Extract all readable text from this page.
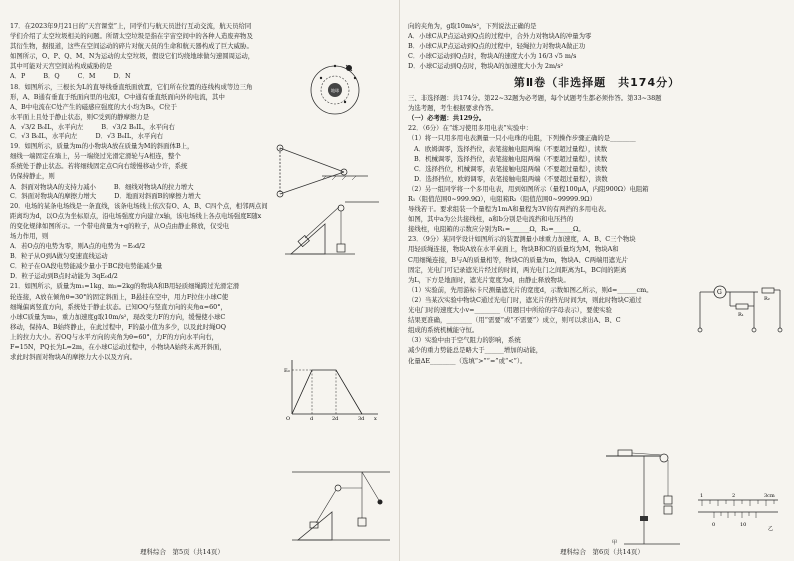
17．在2023年9月21日的“天宫课堂”上，同学们与航天员进行互动交流，航天员给同
学们介绍了太空垃圾相关的问题。所谓太空垃圾是指在宇宙空间中的各种人造废弃物及
其衍生物，据报道，这些在空间运动的碎片对航天员的生命和航天器构成了巨大威胁。
如图所示，O、P、Q、M、N为运动的太空垃圾，假设它们均绕地球做匀速圆周运动，
其中可能对天宫空间站构成威胁的是
A．P	B．Q	C．M	D．N
18．如图所示，三根长为L的直导线垂直纸面放置，它们所在位置的连线构成等边三角
形，A、B通有垂直于纸面向里的电流I，C中通有垂直纸面向外的电流，其中
A、B中电流在C处产生的磁感应强度的大小均为B₀，C位于
水平面上且处于静止状态，则C受到的静摩擦力是
A．√3/2 B₀IL，水平向左	B．√3/2 B₀IL，水平向右
C．√3 B₀IL，水平向左	D．√3 B₀IL，水平向右
19．如图所示，质量为m的小物块A放在质量为M的斜面体B上，
细线一端固定在墙上，另一端绕过光滑定滑轮与A相连，整个
系统处于静止状态。若将细线固定点C向右缓慢移动少许，系统
仍保持静止，则
A．斜面对物块A的支持力减小	B．细线对物块A的拉力增大
C．斜面对物块A的摩擦力增大	D．地面对斜面B的摩擦力增大
20．电场的某条电场线是一条直线，该条电场线上依次有O、A、B、C四个点，相邻两点间
距离均为d，以O点为坐标原点，沿电场强度方向建立x轴，该电场线上各点电场强度E随x
的变化规律如图所示。一个带电荷量为+q的粒子，从O点由静止释放，仅受电
场力作用，则
A．若O点的电势为零，则A点的电势为 −E₀d/2
B．粒子从O到A做匀变速直线运动
C．粒子在OA段电势能减少量小于BC段电势能减少量
D．粒子运动到B点时动能为 3qE₀d/2
21．如图所示，质量为m₁=1kg、m₂=2kg的物块A和B用轻质细绳跨过光滑定滑
轮连接，A放在倾角θ=30°的固定斜面上，B悬挂在空中，用力F拉住小球C使
细绳偏离竖直方向，系统处于静止状态。已知OQ与竖直方向的夹角α=60°，
小球C质量为m₃，重力加速度g取10m/s²，现改变力F的方向，缓慢使小球C
移动，保持A、B始终静止，在此过程中，F的最小值为多少，以及此时绳OQ
上的拉力大小。若OQ与水平方向的夹角为θ=60°，力F的方向水平向右，
F=15N，PQ长为L=2m，在小球C运动过程中，小物块A始终未离开斜面，
求此时斜面对物块A的摩擦力大小以及方向。
地球
E₀
O	d	2d	3d x
理科综合　第5页（共14页）
向的夹角为，g取10m/s²，下列说法正确的是
A．小球C从P点运动到Q点的过程中，合外力对物块A的冲量为零
B．小球C从P点运动到Q点的过程中，轻绳拉力对物块A做正功
C．小球C运动到Q点时，物块A的速度大小为 16/3 √5 m/s
D．小球C运动到Q点时，物块A的加速度大小为 2m/s²
第Ⅱ卷（非选择题　共174分）
三、非选择题：共174分。第22~32题为必考题，每个试题考生都必须作答。第33~38题
为选考题，考生根据要求作答。
（一）必考题：共129分。
22．（6分）在“练习使用多用电表”实验中：
（1）将一只用多用电表测量一只小电珠的电阻，下列操作步骤正确的是________
A．欧姆调零，选择挡位，表笔接触电阻两端（不要超过量程），读数
B．机械调零，选择挡位，表笔接触电阻两端（不要超过量程），读数
C．选择挡位，机械调零，表笔接触电阻两端（不要超过量程），读数
D．选择挡位，欧姆调零，表笔接触电阻两端（不要超过量程），读数
（2）另一组同学将一个多用电表，用到如图所示（量程100μA，内阻900Ω）电阻箱
R₁（阻值范围0~999.9Ω），电阻箱R₂（阻值范围0~99999.9Ω）
导线若干。要求组装一个量程为1mA和量程为3V的有两挡的多用电表。
如图，其中a为公共接线柱，a和b分别是电流挡和电压挡的
接线柱，电阻箱的示数应分别为R₁=______Ω，R₂=______Ω。
23．（9分）某同学设计如图所示的装置测量小球重力加速度，A、B、C三个物块
用轻质绳连接，物块A放在水平桌面上，物块B和C的质量均为M，物块A和
C用细绳连接，B与A的质量相等，物块C的质量为m，物块A、C两端用遮光片
固定，光电门可记录遮光片经过的时间，两光电门之间距离为L，BC间的距离
为L，下方是地面时，遮光片宽度为d，由静止释放物块。
（1）实验前，先用游标卡尺测量遮光片的宽度d，示数如图乙所示，则d=______cm。
（2）当某次实验中物块C通过光电门时，遮光片的挡光时间为t，则此时物块C通过
光电门时的速度大小v=________（用题目中所给的字母表示），要使实验
结果更准确，________（用“需要”或“不需要”）成立，则可以求出A、B、C
组成的系统机械能守恒。
（3）实验中由于空气阻力的影响，系统
减少的重力势能总是略大于______增加的动能，
化量ΔE________（选填“>”“=”或“<”）。
G
R₁
R₂
甲
1	2	3cm
0	10
乙
理科综合　第6页（共14页）
